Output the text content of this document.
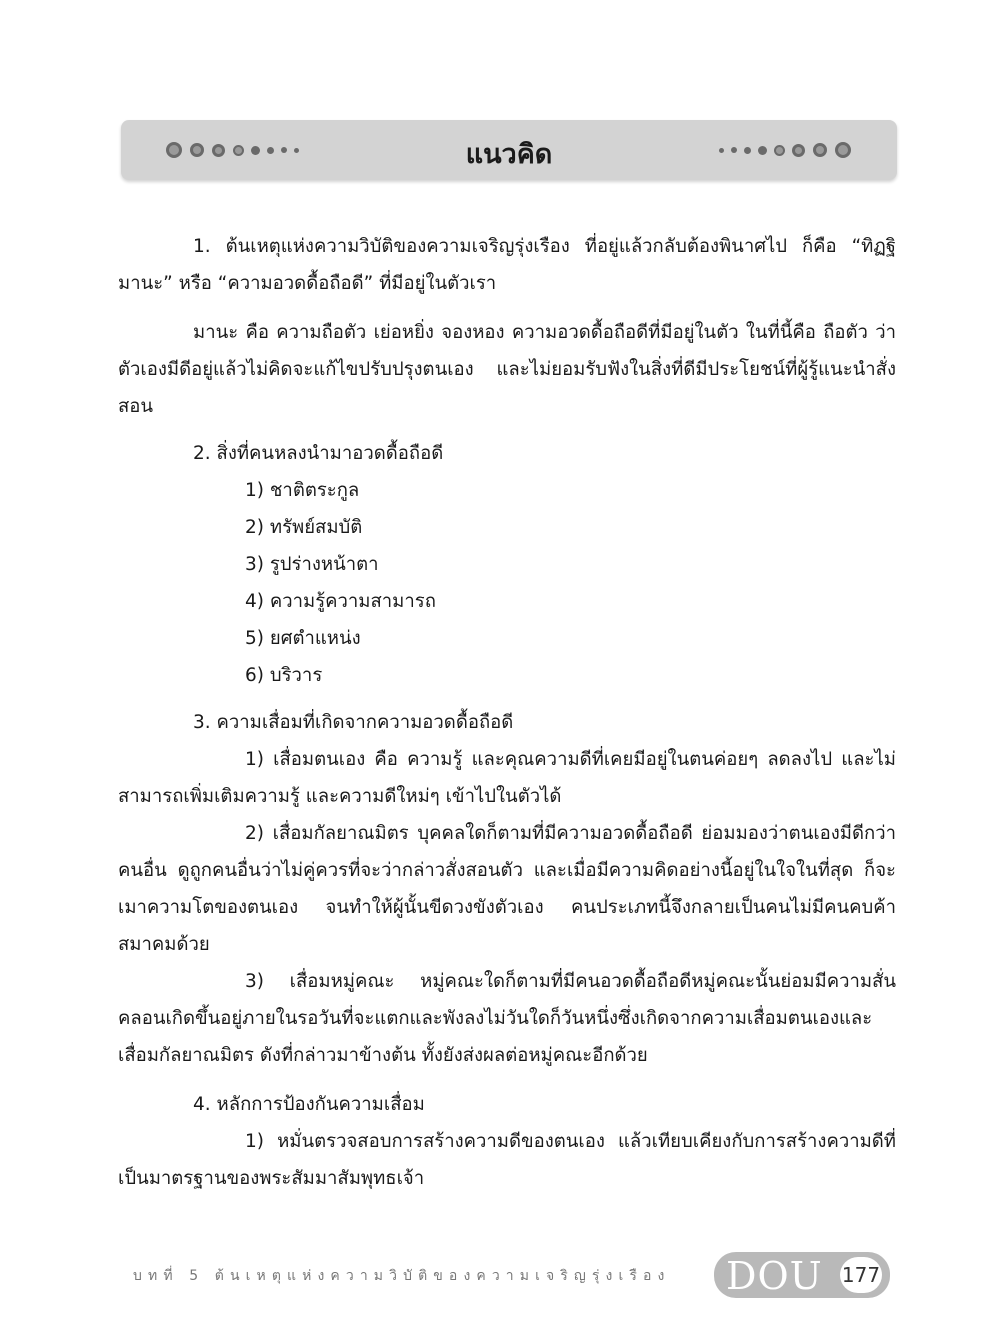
แนวคิด

1. ต้นเหตุแห่งความวิบัติของความเจริญรุ่งเรือง ที่อยู่แล้วกลับต้องพินาศไป ก็คือ “ทิฏฐิมานะ” หรือ “ความอวดดื้อถือดี” ที่มีอยู่ในตัวเรา

มานะ คือ ความถือตัว เย่อหยิ่ง จองหอง ความอวดดื้อถือดีที่มีอยู่ในตัว ในที่นี้คือ ถือตัว ว่าตัวเองมีดีอยู่แล้วไม่คิดจะแก้ไขปรับปรุงตนเอง และไม่ยอมรับฟังในสิ่งที่ดีมีประโยชน์ที่ผู้รู้แนะนำสั่งสอน

2. สิ่งที่คนหลงนำมาอวดดื้อถือดี

1) ชาติตระกูล
2) ทรัพย์สมบัติ
3) รูปร่างหน้าตา
4) ความรู้ความสามารถ
5) ยศตำแหน่ง
6) บริวาร

3. ความเสื่อมที่เกิดจากความอวดดื้อถือดี

1) เสื่อมตนเอง คือ ความรู้ และคุณความดีที่เคยมีอยู่ในตนค่อยๆ ลดลงไป และไม่สามารถเพิ่มเติมความรู้ และความดีใหม่ๆ เข้าไปในตัวได้

2) เสื่อมกัลยาณมิตร บุคคลใดก็ตามที่มีความอวดดื้อถือดี ย่อมมองว่าตนเองมีดีกว่าคนอื่น ดูถูกคนอื่นว่าไม่คู่ควรที่จะว่ากล่าวสั่งสอนตัว และเมื่อมีความคิดอย่างนี้อยู่ในใจในที่สุด ก็จะเมาความโตของตนเอง จนทำให้ผู้นั้นขีดวงขังตัวเอง คนประเภทนี้จึงกลายเป็นคนไม่มีคนคบค้าสมาคมด้วย

3) เสื่อมหมู่คณะ หมู่คณะใดก็ตามที่มีคนอวดดื้อถือดีหมู่คณะนั้นย่อมมีความสั่นคลอนเกิดขึ้นอยู่ภายในรอวันที่จะแตกและพังลงไม่วันใดก็วันหนึ่งซึ่งเกิดจากความเสื่อมตนเองและเสื่อมกัลยาณมิตร ดังที่กล่าวมาข้างต้น ทั้งยังส่งผลต่อหมู่คณะอีกด้วย

4. หลักการป้องกันความเสื่อม

1) หมั่นตรวจสอบการสร้างความดีของตนเอง แล้วเทียบเคียงกับการสร้างความดีที่เป็นมาตรฐานของพระสัมมาสัมพุทธเจ้า

บทที่ 5 ต้นเหตุแห่งความวิบัติของความเจริญรุ่งเรือง DOU 177
